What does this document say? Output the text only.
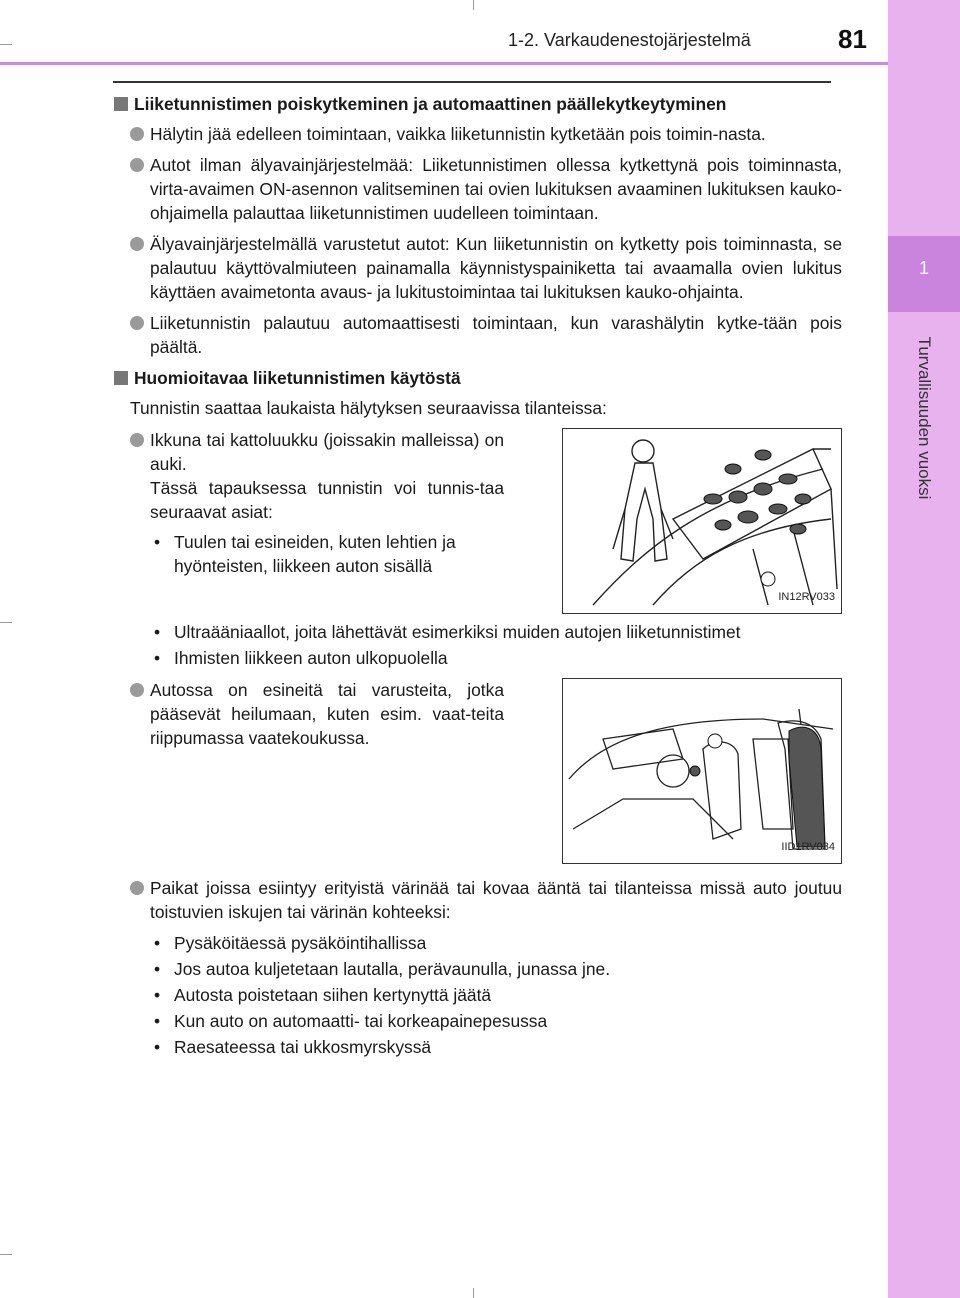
1-2. Varkaudenestojärjestelmä	81
1
Turvallisuuden vuoksi
Liiketunnistimen poiskytkeminen ja automaattinen päällekytkeytyminen
Hälytin jää edelleen toimintaan, vaikka liiketunnistin kytketään pois toimin-nasta.
Autot ilman älyavainjärjestelmää: Liiketunnistimen ollessa kytkettynä pois toiminnasta, virta-avaimen ON-asennon valitseminen tai ovien lukituksen avaaminen lukituksen kauko-ohjaimella palauttaa liiketunnistimen uudelleen toimintaan.
Älyavainjärjestelmällä varustetut autot: Kun liiketunnistin on kytketty pois toiminnasta, se palautuu käyttövalmiuteen painamalla käynnistyspainiketta tai avaamalla ovien lukitus käyttäen avaimetonta avaus- ja lukitustoimintaa tai lukituksen kauko-ohjainta.
Liiketunnistin palautuu automaattisesti toimintaan, kun varashälytin kytke-tään pois päältä.
Huomioitavaa liiketunnistimen käytöstä
Tunnistin saattaa laukaista hälytyksen seuraavissa tilanteissa:
Ikkuna tai kattoluukku (joissakin malleissa) on auki.
Tässä tapauksessa tunnistin voi tunnis-taa seuraavat asiat:
• Tuulen tai esineiden, kuten lehtien ja hyönteisten, liikkeen auton sisällä
IN12RV033
• Ultraääniaallot, joita lähettävät esimerkiksi muiden autojen liiketunnistimet
• Ihmisten liikkeen auton ulkopuolella
Autossa on esineitä tai varusteita, jotka pääsevät heilumaan, kuten esim. vaat-teita riippumassa vaatekoukussa.
IID1RV034
Paikat joissa esiintyy erityistä värinää tai kovaa ääntä tai tilanteissa missä auto joutuu toistuvien iskujen tai värinän kohteeksi:
• Pysäköitäessä pysäköintihallissa
• Jos autoa kuljetetaan lautalla, perävaunulla, junassa jne.
• Autosta poistetaan siihen kertynyttä jäätä
• Kun auto on automaatti- tai korkeapainepesussa
• Raesateessa tai ukkosmyrskyssä
